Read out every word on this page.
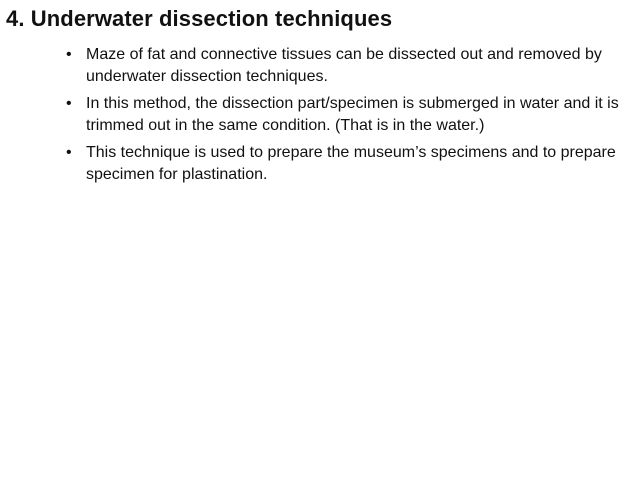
4. Underwater dissection techniques
• Maze of fat and connective tissues can be dissected out and removed by underwater dissection techniques.
• In this method, the dissection part/specimen is submerged in water and it is trimmed out in the same condition. (That is in the water.)
• This technique is used to prepare the museum’s specimens and to prepare specimen for plastination.
